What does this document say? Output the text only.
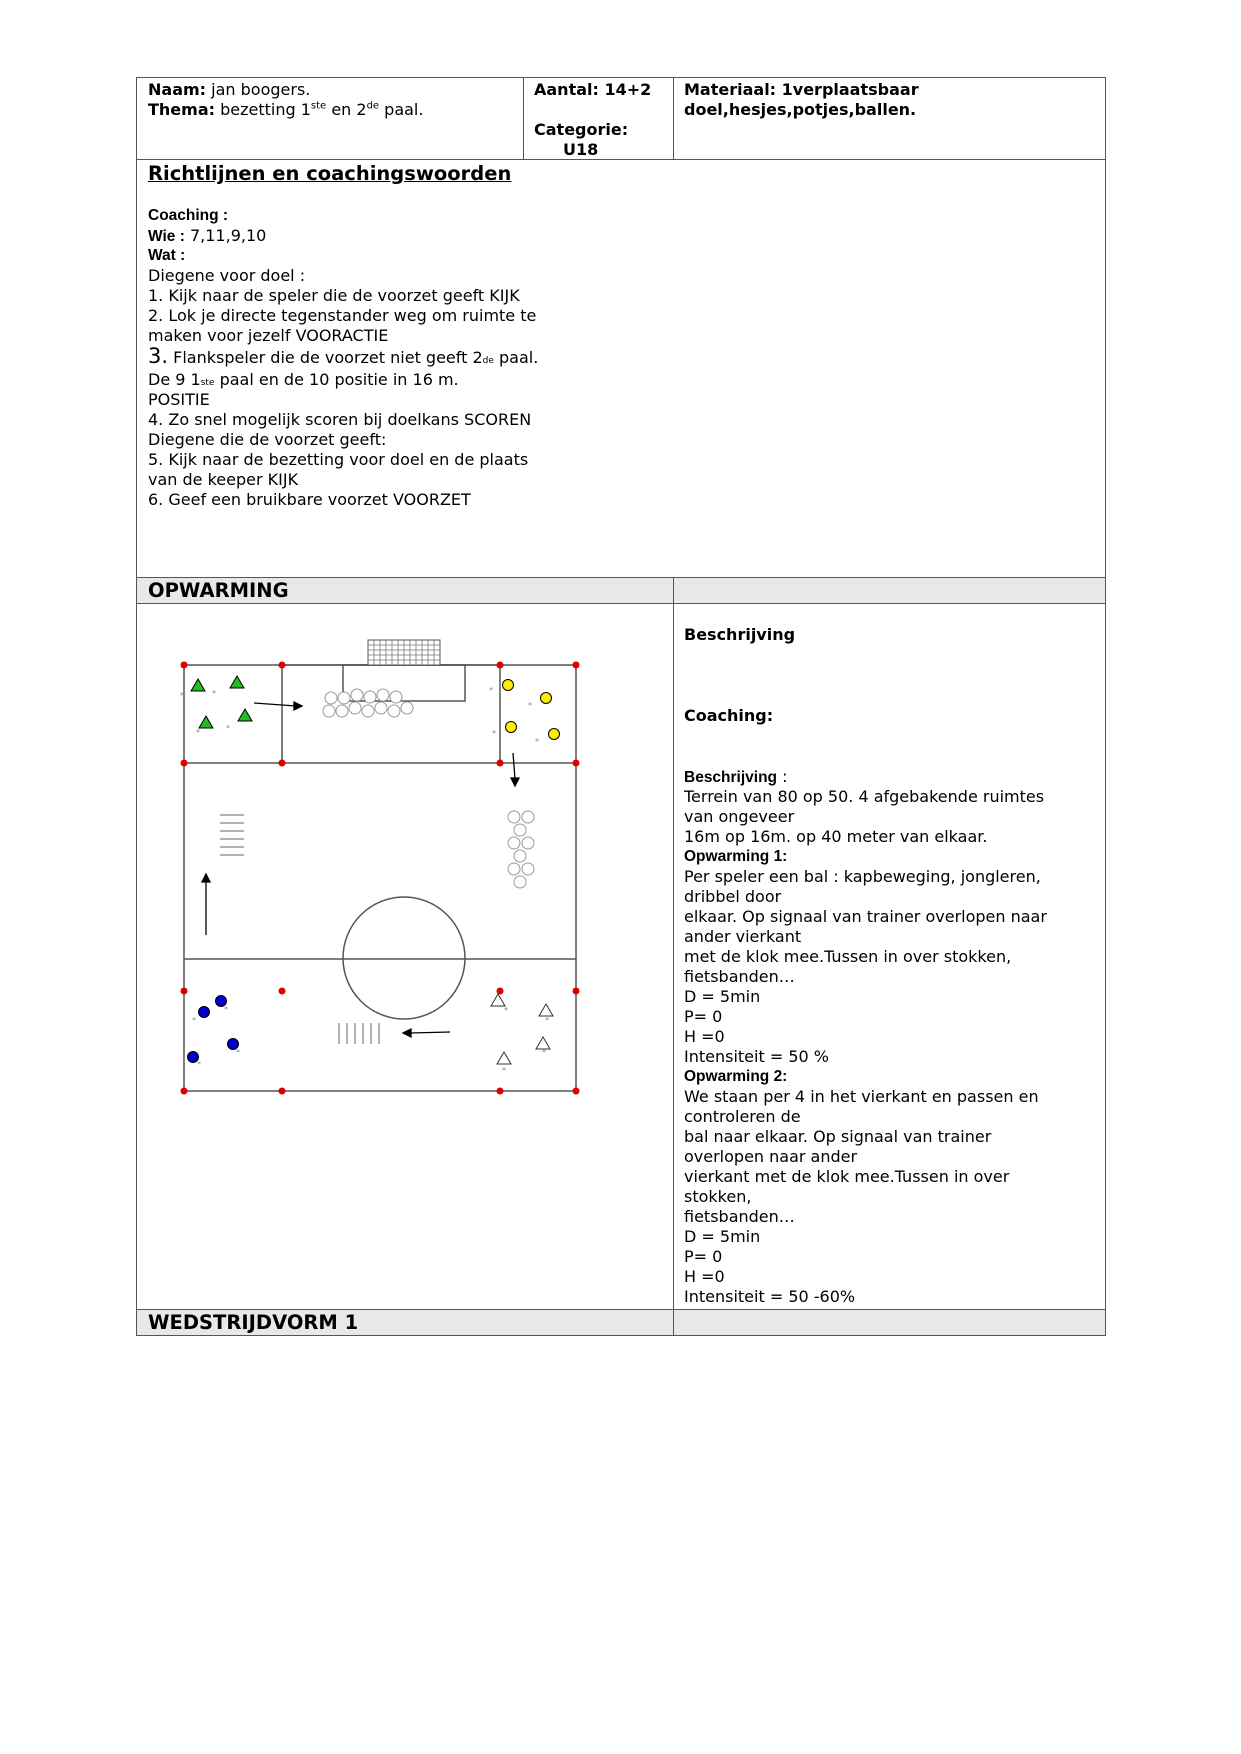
Naam: jan boogers.
Thema: bezetting 1ste en 2de paal.
Aantal: 14+2
Categorie:
U18
Materiaal: 1verplaatsbaar
doel,hesjes,potjes,ballen.
Richtlijnen en coachingswoorden
Coaching :
Wie : 7,11,9,10
Wat :
Diegene voor doel :
1. Kijk naar de speler die de voorzet geeft KIJK
2. Lok je directe tegenstander weg om ruimte te
maken voor jezelf VOORACTIE
3. Flankspeler die de voorzet niet geeft 2de paal.
De 9 1ste paal en de 10 positie in 16 m.
POSITIE
4. Zo snel mogelijk scoren bij doelkans SCOREN
Diegene die de voorzet geeft:
5. Kijk naar de bezetting voor doel en de plaats
van de keeper KIJK
6. Geef een bruikbare voorzet VOORZET
OPWARMING
*	*
*	*
*
*
*
*
*
*
*
*
*
*
*
*
Beschrijving
Coaching:
Beschrijving :
Terrein van 80 op 50. 4 afgebakende ruimtes
van ongeveer
16m op 16m. op 40 meter van elkaar.
Opwarming 1:
Per speler een bal : kapbeweging, jongleren,
dribbel door
elkaar. Op signaal van trainer overlopen naar
ander vierkant
met de klok mee.Tussen in over stokken,
fietsbanden…
D = 5min
P= 0
H =0
Intensiteit = 50 %
Opwarming 2:
We staan per 4 in het vierkant en passen en
controleren de
bal naar elkaar. Op signaal van trainer
overlopen naar ander
vierkant met de klok mee.Tussen in over
stokken,
fietsbanden…
D = 5min
P= 0
H =0
Intensiteit = 50 -60%
WEDSTRIJDVORM 1
